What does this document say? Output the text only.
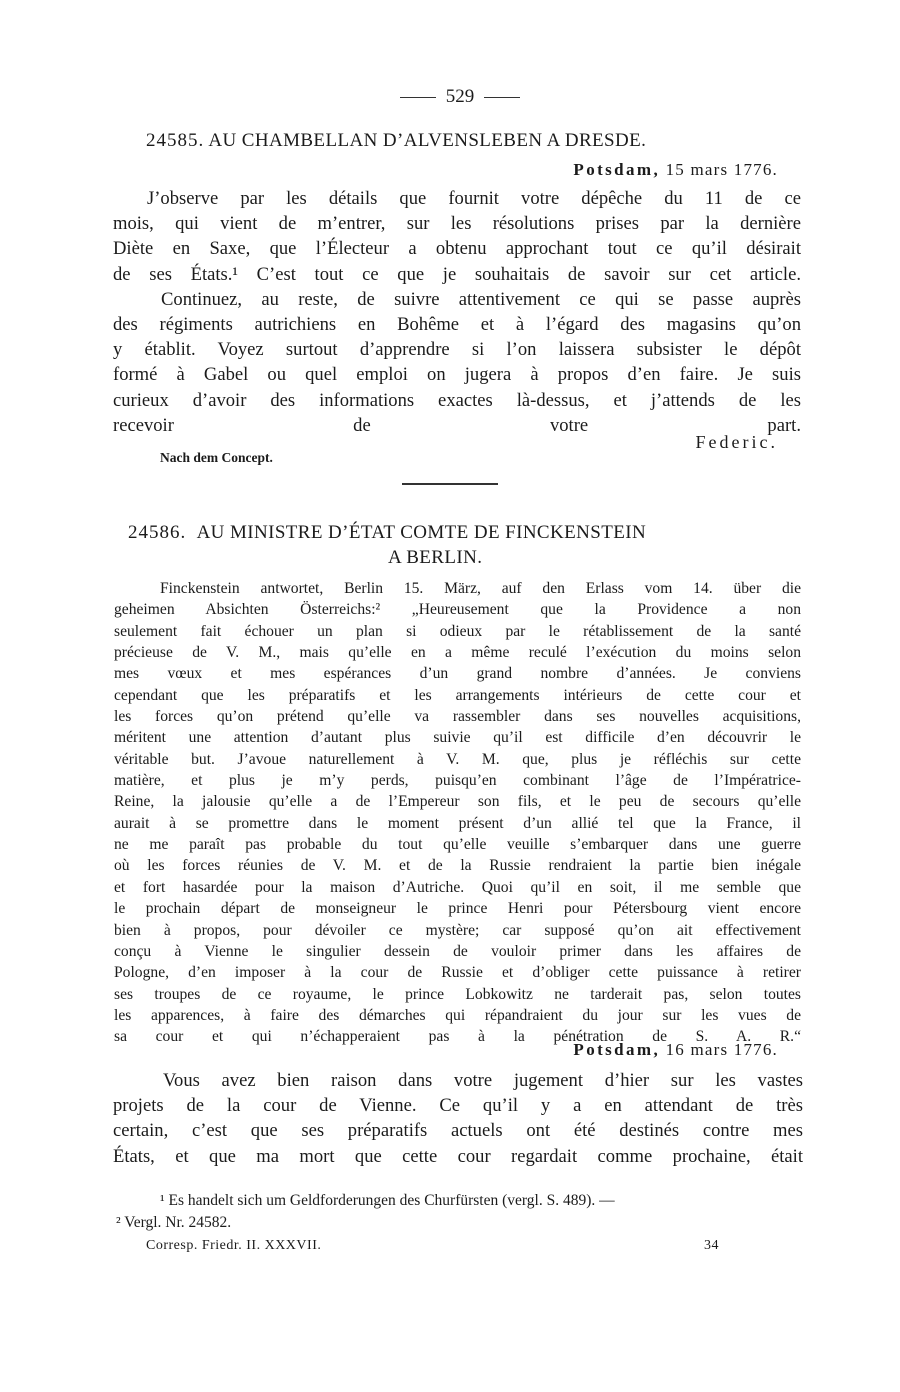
529
24585. AU CHAMBELLAN D’ALVENSLEBEN A DRESDE.
Potsdam, 15 mars 1776.
J’observe par les détails que fournit votre dépêche du 11 de ce
mois, qui vient de m’entrer, sur les résolutions prises par la dernière
Diète en Saxe, que l’Électeur a obtenu approchant tout ce qu’il désirait
de ses États.¹ C’est tout ce que je souhaitais de savoir sur cet article.
Continuez, au reste, de suivre attentivement ce qui se passe auprès
des régiments autrichiens en Bohême et à l’égard des magasins qu’on
y établit. Voyez surtout d’apprendre si l’on laissera subsister le dépôt
formé à Gabel ou quel emploi on jugera à propos d’en faire. Je suis
curieux d’avoir des informations exactes là-dessus, et j’attends de les
recevoir de votre part.
Federic.
Nach dem Concept.
24586. AU MINISTRE D’ÉTAT COMTE DE FINCKENSTEIN
A BERLIN.
Finckenstein antwortet, Berlin 15. März, auf den Erlass vom 14. über die
geheimen Absichten Österreichs:² „Heureusement que la Providence a non
seulement fait échouer un plan si odieux par le rétablissement de la santé
précieuse de V. M., mais qu’elle en a même reculé l’exécution du moins selon
mes vœux et mes espérances d’un grand nombre d’années. Je conviens
cependant que les préparatifs et les arrangements intérieurs de cette cour et
les forces qu’on prétend qu’elle va rassembler dans ses nouvelles acquisitions,
méritent une attention d’autant plus suivie qu’il est difficile d’en découvrir le
véritable but. J’avoue naturellement à V. M. que, plus je réfléchis sur cette
matière, et plus je m’y perds, puisqu’en combinant l’âge de l’Impératrice-
Reine, la jalousie qu’elle a de l’Empereur son fils, et le peu de secours qu’elle
aurait à se promettre dans le moment présent d’un allié tel que la France, il
ne me paraît pas probable du tout qu’elle veuille s’embarquer dans une guerre
où les forces réunies de V. M. et de la Russie rendraient la partie bien inégale
et fort hasardée pour la maison d’Autriche. Quoi qu’il en soit, il me semble que
le prochain départ de monseigneur le prince Henri pour Pétersbourg vient encore
bien à propos, pour dévoiler ce mystère; car supposé qu’on ait effectivement
conçu à Vienne le singulier dessein de vouloir primer dans les affaires de
Pologne, d’en imposer à la cour de Russie et d’obliger cette puissance à retirer
ses troupes de ce royaume, le prince Lobkowitz ne tarderait pas, selon toutes
les apparences, à faire des démarches qui répandraient du jour sur les vues de
sa cour et qui n’échapperaient pas à la pénétration de S. A. R.“
Potsdam, 16 mars 1776.
Vous avez bien raison dans votre jugement d’hier sur les vastes
projets de la cour de Vienne. Ce qu’il y a en attendant de très
certain, c’est que ses préparatifs actuels ont été destinés contre mes
États, et que ma mort que cette cour regardait comme prochaine, était
¹ Es handelt sich um Geldforderungen des Churfürsten (vergl. S. 489). —
² Vergl. Nr. 24582.
Corresp. Friedr. II. XXXVII.	34
